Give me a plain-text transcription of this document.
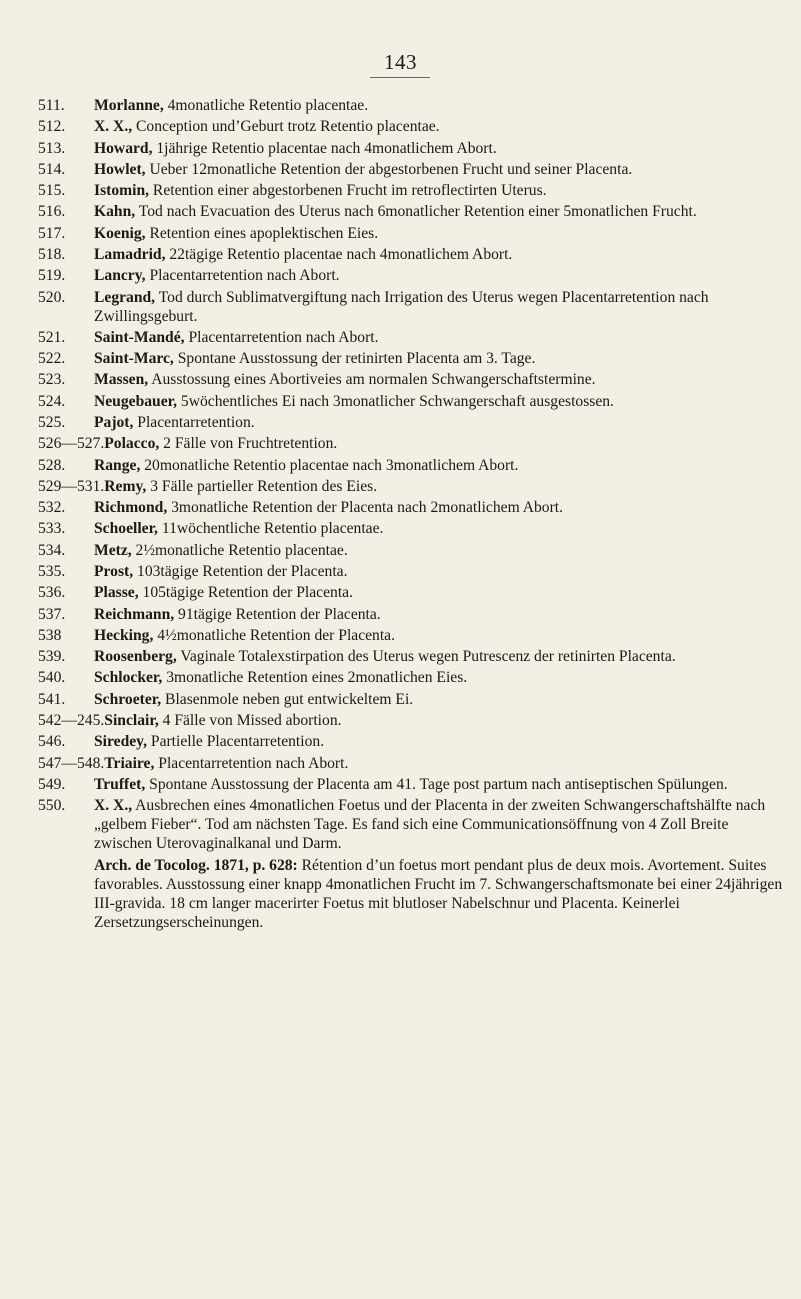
143
511.	Morlanne, 4monatliche Retentio placentae.
512.	X. X., Conception undʼGeburt trotz Retentio placentae.
513.	Howard, 1jährige Retentio placentae nach 4monatlichem Abort.
514.	Howlet, Ueber 12monatliche Retention der abgestorbenen Frucht und seiner Placenta.
515.	Istomin, Retention einer abgestorbenen Frucht im retroflectirten Uterus.
516.	Kahn, Tod nach Evacuation des Uterus nach 6monatlicher Retention einer 5monatlichen Frucht.
517.	Koenig, Retention eines apoplektischen Eies.
518.	Lamadrid, 22tägige Retentio placentae nach 4monatlichem Abort.
519.	Lancry, Placentarretention nach Abort.
520.	Legrand, Tod durch Sublimatvergiftung nach Irrigation des Uterus wegen Placentarretention nach Zwillingsgeburt.
521.	Saint-Mandé, Placentarretention nach Abort.
522.	Saint-Marc, Spontane Ausstossung der retinirten Placenta am 3. Tage.
523.	Massen, Ausstossung eines Abortiveies am normalen Schwangerschaftstermine.
524.	Neugebauer, 5wöchentliches Ei nach 3monatlicher Schwangerschaft ausgestossen.
525.	Pajot, Placentarretention.
526—527. Polacco, 2 Fälle von Fruchtretention.
528.	Range, 20monatliche Retentio placentae nach 3monatlichem Abort.
529—531. Remy, 3 Fälle partieller Retention des Eies.
532.	Richmond, 3monatliche Retention der Placenta nach 2monatlichem Abort.
533.	Schoeller, 11wöchentliche Retentio placentae.
534.	Metz, 2½monatliche Retentio placentae.
535.	Prost, 103tägige Retention der Placenta.
536.	Plasse, 105tägige Retention der Placenta.
537.	Reichmann, 91tägige Retention der Placenta.
538	Hecking, 4½monatliche Retention der Placenta.
539.	Roosenberg, Vaginale Totalexstirpation des Uterus wegen Putrescenz der retinirten Placenta.
540.	Schlocker, 3monatliche Retention eines 2monatlichen Eies.
541.	Schroeter, Blasenmole neben gut entwickeltem Ei.
542—245. Sinclair, 4 Fälle von Missed abortion.
546.	Siredey, Partielle Placentarretention.
547—548. Triaire, Placentarretention nach Abort.
549.	Truffet, Spontane Ausstossung der Placenta am 41. Tage post partum nach antiseptischen Spülungen.
550.	X. X., Ausbrechen eines 4monatlichen Foetus und der Placenta in der zweiten Schwangerschaftshälfte nach „gelbem Fieber“. Tod am nächsten Tage. Es fand sich eine Communicationsöffnung von 4 Zoll Breite zwischen Uterovaginalkanal und Darm.
Arch. de Tocolog. 1871, p. 628: Rétention d’un foetus mort pendant plus de deux mois. Avortement. Suites favorables. Ausstossung einer knapp 4monatlichen Frucht im 7. Schwangerschaftsmonate bei einer 24jährigen III-gravida. 18 cm langer macerirter Foetus mit blutloser Nabelschnur und Placenta. Keinerlei Zersetzungserscheinungen.
